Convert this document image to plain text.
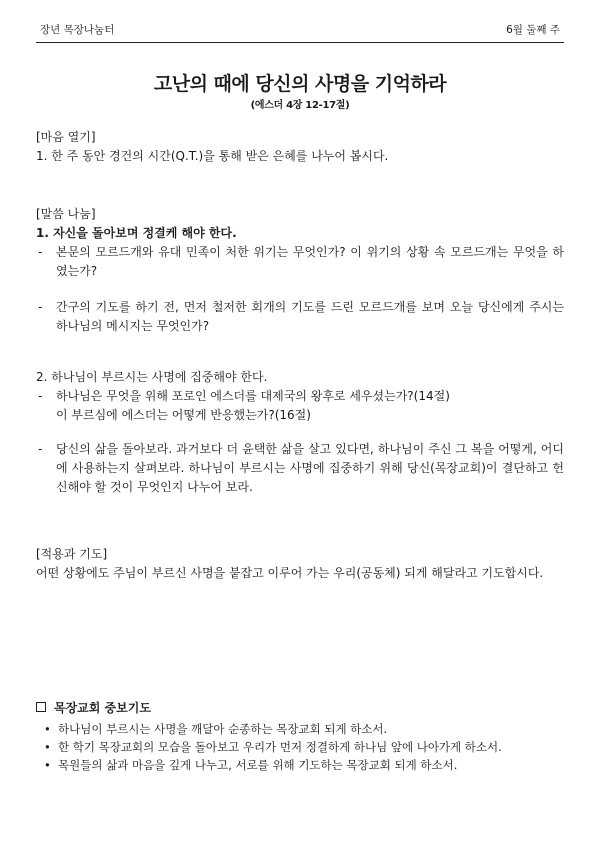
장년 목장나눔터	6월 둘째 주
고난의 때에 당신의 사명을 기억하라
(에스더 4장 12-17절)
[마음 열기]
1. 한 주 동안 경건의 시간(Q.T.)을 통해 받은 은혜를 나누어 봅시다.
[말씀 나눔]
1. 자신을 돌아보며 정결케 해야 한다.
- 본문의 모르드개와 유대 민족이 처한 위기는 무엇인가? 이 위기의 상황 속 모르드개는 무엇을 하였는가?
- 간구의 기도를 하기 전, 먼저 철저한 회개의 기도를 드린 모르드개를 보며 오늘 당신에게 주시는 하나님의 메시지는 무엇인가?
2. 하나님이 부르시는 사명에 집중해야 한다.
- 하나님은 무엇을 위해 포로인 에스더를 대제국의 왕후로 세우셨는가?(14절)
이 부르심에 에스더는 어떻게 반응했는가?(16절)
- 당신의 삶을 돌아보라. 과거보다 더 윤택한 삶을 살고 있다면, 하나님이 주신 그 복을 어떻게, 어디에 사용하는지 살펴보라. 하나님이 부르시는 사명에 집중하기 위해 당신(목장교회)이 결단하고 헌신해야 할 것이 무엇인지 나누어 보라.
[적용과 기도]
어떤 상황에도 주님이 부르신 사명을 붙잡고 이루어 가는 우리(공동체) 되게 해달라고 기도합시다.
목장교회 중보기도
• 하나님이 부르시는 사명을 깨달아 순종하는 목장교회 되게 하소서.
• 한 학기 목장교회의 모습을 돌아보고 우리가 먼저 정결하게 하나님 앞에 나아가게 하소서.
• 목원들의 삶과 마음을 깊게 나누고, 서로를 위해 기도하는 목장교회 되게 하소서.
